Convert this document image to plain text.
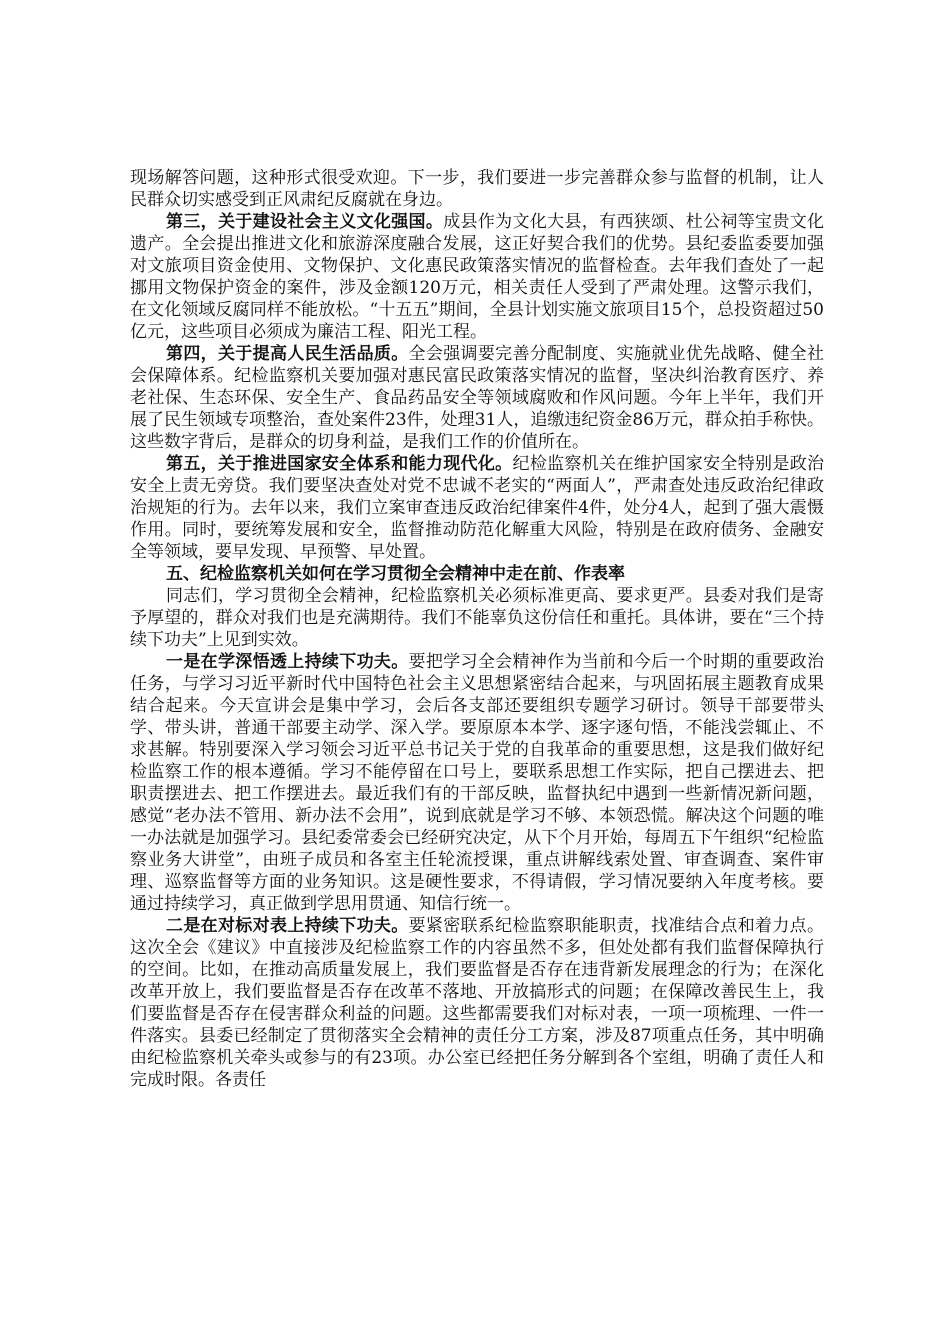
现场解答问题，这种形式很受欢迎。下一步，我们要进一步完善群众参与监督的机制，让人民群众切实感受到正风肃纪反腐就在身边。

第三，关于建设社会主义文化强国。成县作为文化大县，有西狭颂、杜公祠等宝贵文化遗产。全会提出推进文化和旅游深度融合发展，这正好契合我们的优势。县纪委监委要加强对文旅项目资金使用、文物保护、文化惠民政策落实情况的监督检查。去年我们查处了一起挪用文物保护资金的案件，涉及金额120万元，相关责任人受到了严肃处理。这警示我们，在文化领域反腐同样不能放松。“十五五”期间，全县计划实施文旅项目15个，总投资超过50亿元，这些项目必须成为廉洁工程、阳光工程。

第四，关于提高人民生活品质。全会强调要完善分配制度、实施就业优先战略、健全社会保障体系。纪检监察机关要加强对惠民富民政策落实情况的监督，坚决纠治教育医疗、养老社保、生态环保、安全生产、食品药品安全等领域腐败和作风问题。今年上半年，我们开展了民生领域专项整治，查处案件23件，处理31人，追缴违纪资金86万元，群众拍手称快。这些数字背后，是群众的切身利益，是我们工作的价值所在。

第五，关于推进国家安全体系和能力现代化。纪检监察机关在维护国家安全特别是政治安全上责无旁贷。我们要坚决查处对党不忠诚不老实的“两面人”，严肃查处违反政治纪律政治规矩的行为。去年以来，我们立案审查违反政治纪律案件4件，处分4人，起到了强大震慑作用。同时，要统筹发展和安全，监督推动防范化解重大风险，特别是在政府债务、金融安全等领域，要早发现、早预警、早处置。

五、纪检监察机关如何在学习贯彻全会精神中走在前、作表率

同志们，学习贯彻全会精神，纪检监察机关必须标准更高、要求更严。县委对我们是寄予厚望的，群众对我们也是充满期待。我们不能辜负这份信任和重托。具体讲，要在“三个持续下功夫”上见到实效。

一是在学深悟透上持续下功夫。要把学习全会精神作为当前和今后一个时期的重要政治任务，与学习习近平新时代中国特色社会主义思想紧密结合起来，与巩固拓展主题教育成果结合起来。今天宣讲会是集中学习，会后各支部还要组织专题学习研讨。领导干部要带头学、带头讲，普通干部要主动学、深入学。要原原本本学、逐字逐句悟，不能浅尝辄止、不求甚解。特别要深入学习领会习近平总书记关于党的自我革命的重要思想，这是我们做好纪检监察工作的根本遵循。学习不能停留在口号上，要联系思想工作实际，把自己摆进去、把职责摆进去、把工作摆进去。最近我们有的干部反映，监督执纪中遇到一些新情况新问题，感觉“老办法不管用、新办法不会用”，说到底就是学习不够、本领恐慌。解决这个问题的唯一办法就是加强学习。县纪委常委会已经研究决定，从下个月开始，每周五下午组织“纪检监察业务大讲堂”，由班子成员和各室主任轮流授课，重点讲解线索处置、审查调查、案件审理、巡察监督等方面的业务知识。这是硬性要求，不得请假，学习情况要纳入年度考核。要通过持续学习，真正做到学思用贯通、知信行统一。

二是在对标对表上持续下功夫。要紧密联系纪检监察职能职责，找准结合点和着力点。这次全会《建议》中直接涉及纪检监察工作的内容虽然不多，但处处都有我们监督保障执行的空间。比如，在推动高质量发展上，我们要监督是否存在违背新发展理念的行为；在深化改革开放上，我们要监督是否存在改革不落地、开放搞形式的问题；在保障改善民生上，我们要监督是否存在侵害群众利益的问题。这些都需要我们对标对表，一项一项梳理、一件一件落实。县委已经制定了贯彻落实全会精神的责任分工方案，涉及87项重点任务，其中明确由纪检监察机关牵头或参与的有23项。办公室已经把任务分解到各个室组，明确了责任人和完成时限。各责任
